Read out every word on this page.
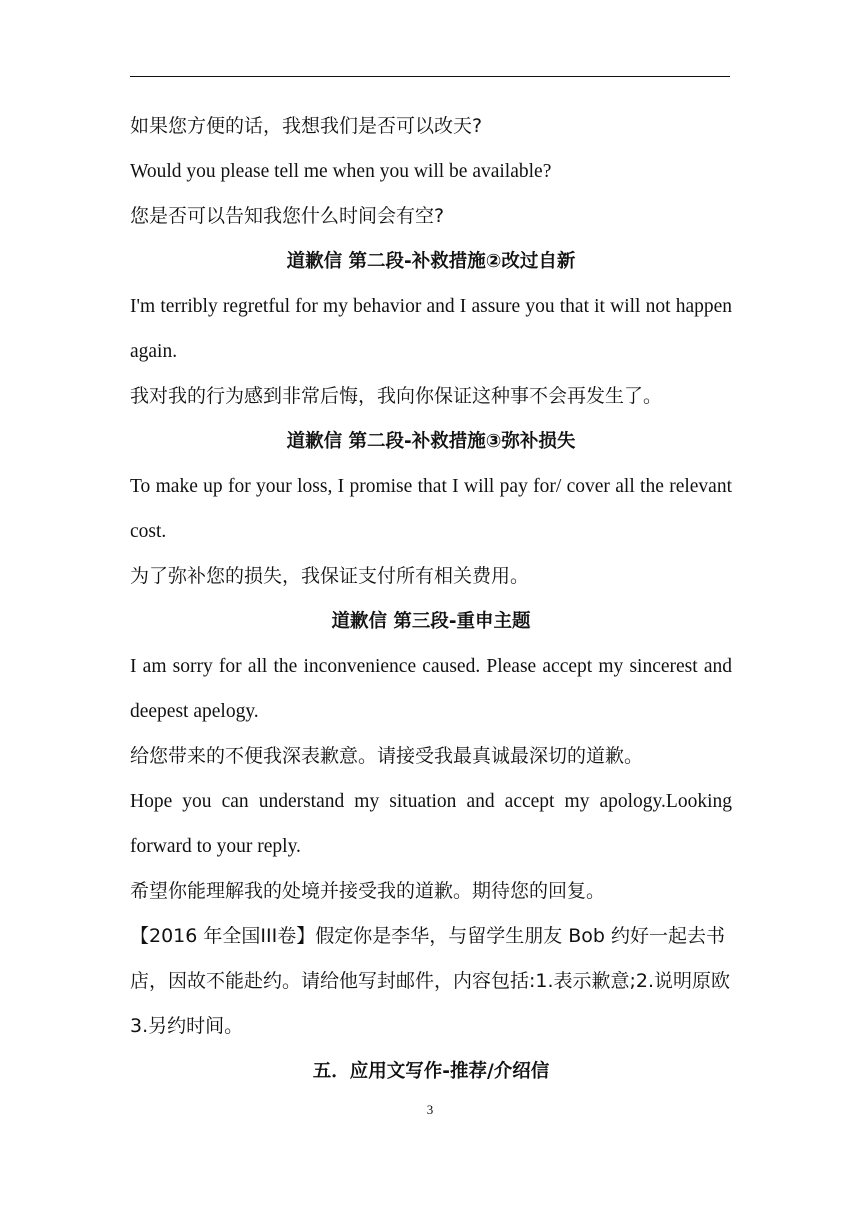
如果您方便的话，我想我们是否可以改天?

Would you please tell me when you will be available?

您是否可以告知我您什么时间会有空?

道歉信 第二段-补救措施②改过自新

I'm terribly regretful for my behavior and I assure you that it will not happen again.

我对我的行为感到非常后悔，我向你保证这种事不会再发生了。

道歉信 第二段-补救措施③弥补损失

To make up for your loss, I promise that I will pay for/ cover all the relevant cost.

为了弥补您的损失，我保证支付所有相关费用。

道歉信 第三段-重申主题

I am sorry for all the inconvenience caused. Please accept my sincerest and deepest apelogy.

给您带来的不便我深表歉意。请接受我最真诚最深切的道歉。

Hope you can understand my situation and accept my apology.Looking forward to your reply.

希望你能理解我的处境并接受我的道歉。期待您的回复。

【2016 年全国III卷】假定你是李华，与留学生朋友 Bob 约好一起去书店，因故不能赴约。请给他写封邮件，内容包括:1.表示歉意;2.说明原欧 3.另约时间。

五．应用文写作-推荐/介绍信

3
